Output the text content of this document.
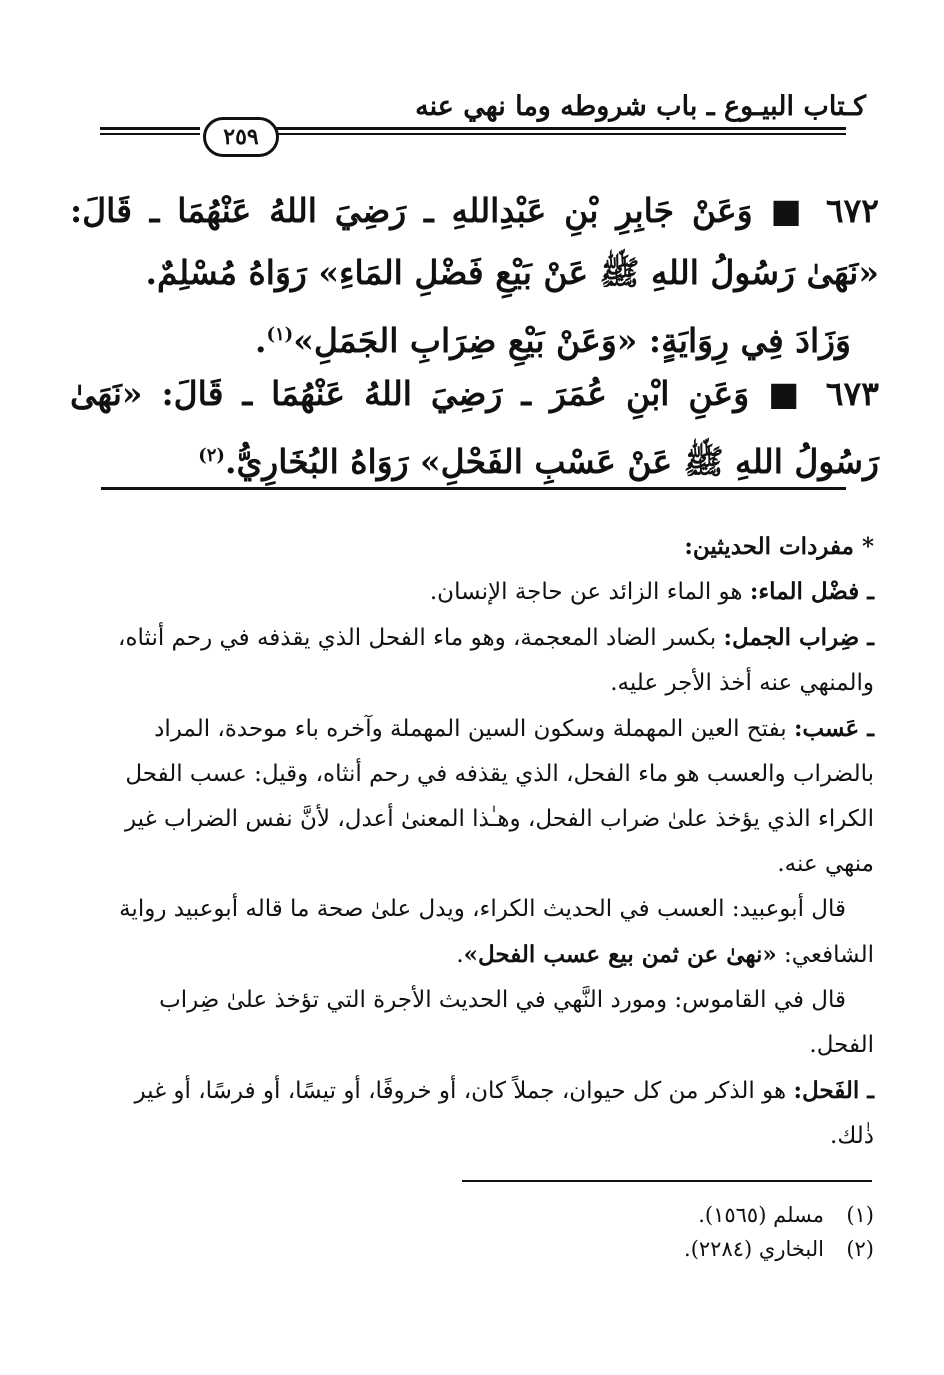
كـتاب البيـوع ـ باب شروطه وما نهي عنه
٢٥٩
٦٧٢ ■ وَعَنْ جَابِرِ بْنِ عَبْدِاللهِ ـ رَضِيَ اللهُ عَنْهُمَا ـ قَالَ: «نَهَىٰ رَسُولُ اللهِ ﷺ عَنْ بَيْعِ فَضْلِ المَاءِ» رَوَاهُ مُسْلِمٌ.
وَزَادَ فِي رِوَايَةٍ: «وَعَنْ بَيْعِ ضِرَابِ الجَمَلِ»$^{(١)}$.
٦٧٣ ■ وَعَنِ ابْنِ عُمَرَ ـ رَضِيَ اللهُ عَنْهُمَا ـ قَالَ: «نَهَىٰ رَسُولُ اللهِ ﷺ عَنْ عَسْبِ الفَحْلِ» رَوَاهُ البُخَارِيُّ.$^{(٢)}$

* مفردات الحديثين:

ـ فضْل الماء: هو الماء الزائد عن حاجة الإنسان.

ـ ضِراب الجمل: بكسر الضاد المعجمة، وهو ماء الفحل الذي يقذفه في رحم أنثاه، والمنهي عنه أخذ الأجر عليه.

ـ عَسب: بفتح العين المهملة وسكون السين المهملة وآخره باء موحدة، المراد بالضراب والعسب هو ماء الفحل، الذي يقذفه في رحم أنثاه، وقيل: عسب الفحل الكراء الذي يؤخذ علىٰ ضراب الفحل، وهـٰذا المعنىٰ أعدل، لأنَّ نفس الضراب غير منهي عنه.

قال أبوعبيد: العسب في الحديث الكراء، ويدل علىٰ صحة ما قاله أبوعبيد رواية الشافعي: «نهىٰ عن ثمن بيع عسب الفحل».

قال في القاموس: ومورد النَّهي في الحديث الأجرة التي تؤخذ علىٰ ضِراب الفحل.

ـ الفَحل: هو الذكر من كل حيوان، جملاً كان، أو خروفًا، أو تيسًا، أو فرسًا، أو غير ذٰلك.

(١)مسلم (١٥٦٥).

(٢)البخاري (٢٢٨٤).
